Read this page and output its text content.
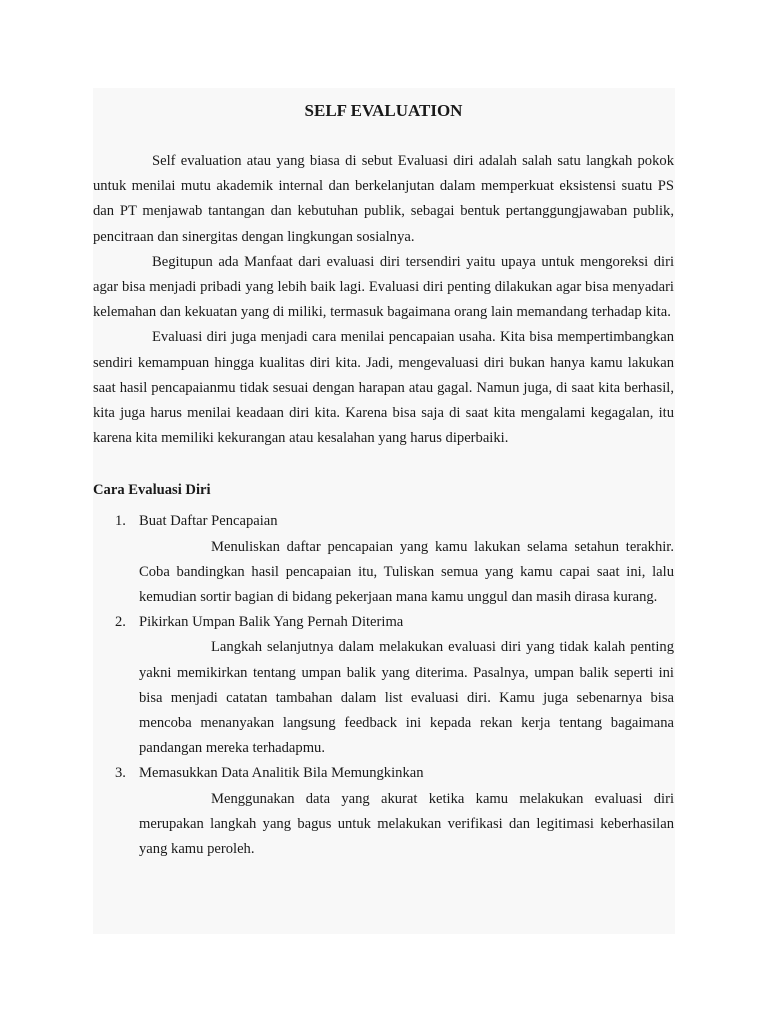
SELF EVALUATION

Self evaluation atau yang biasa di sebut Evaluasi diri adalah salah satu langkah pokok untuk menilai mutu akademik internal dan berkelanjutan dalam memperkuat eksistensi suatu PS dan PT menjawab tantangan dan kebutuhan publik, sebagai bentuk pertanggungjawaban publik, pencitraan dan sinergitas dengan lingkungan sosialnya.

Begitupun ada Manfaat dari evaluasi diri tersendiri yaitu upaya untuk mengoreksi diri agar bisa menjadi pribadi yang lebih baik lagi. Evaluasi diri penting dilakukan agar bisa menyadari kelemahan dan kekuatan yang di miliki, termasuk bagaimana orang lain memandang terhadap kita.

Evaluasi diri juga menjadi cara menilai pencapaian usaha. Kita bisa mempertimbangkan sendiri kemampuan hingga kualitas diri kita. Jadi, mengevaluasi diri bukan hanya kamu lakukan saat hasil pencapaianmu tidak sesuai dengan harapan atau gagal. Namun juga, di saat kita berhasil, kita juga harus menilai keadaan diri kita. Karena bisa saja di saat kita mengalami kegagalan, itu karena kita memiliki kekurangan atau kesalahan yang harus diperbaiki.

Cara Evaluasi Diri
1. Buat Daftar Pencapaian

Menuliskan daftar pencapaian yang kamu lakukan selama setahun terakhir. Coba bandingkan hasil pencapaian itu, Tuliskan semua yang kamu capai saat ini, lalu kemudian sortir bagian di bidang pekerjaan mana kamu unggul dan masih dirasa kurang.

2. Pikirkan Umpan Balik Yang Pernah Diterima

Langkah selanjutnya dalam melakukan evaluasi diri yang tidak kalah penting yakni memikirkan tentang umpan balik yang diterima. Pasalnya, umpan balik seperti ini bisa menjadi catatan tambahan dalam list evaluasi diri. Kamu juga sebenarnya bisa mencoba menanyakan langsung feedback ini kepada rekan kerja tentang bagaimana pandangan mereka terhadapmu.

3. Memasukkan Data Analitik Bila Memungkinkan

Menggunakan data yang akurat ketika kamu melakukan evaluasi diri merupakan langkah yang bagus untuk melakukan verifikasi dan legitimasi keberhasilan yang kamu peroleh.
